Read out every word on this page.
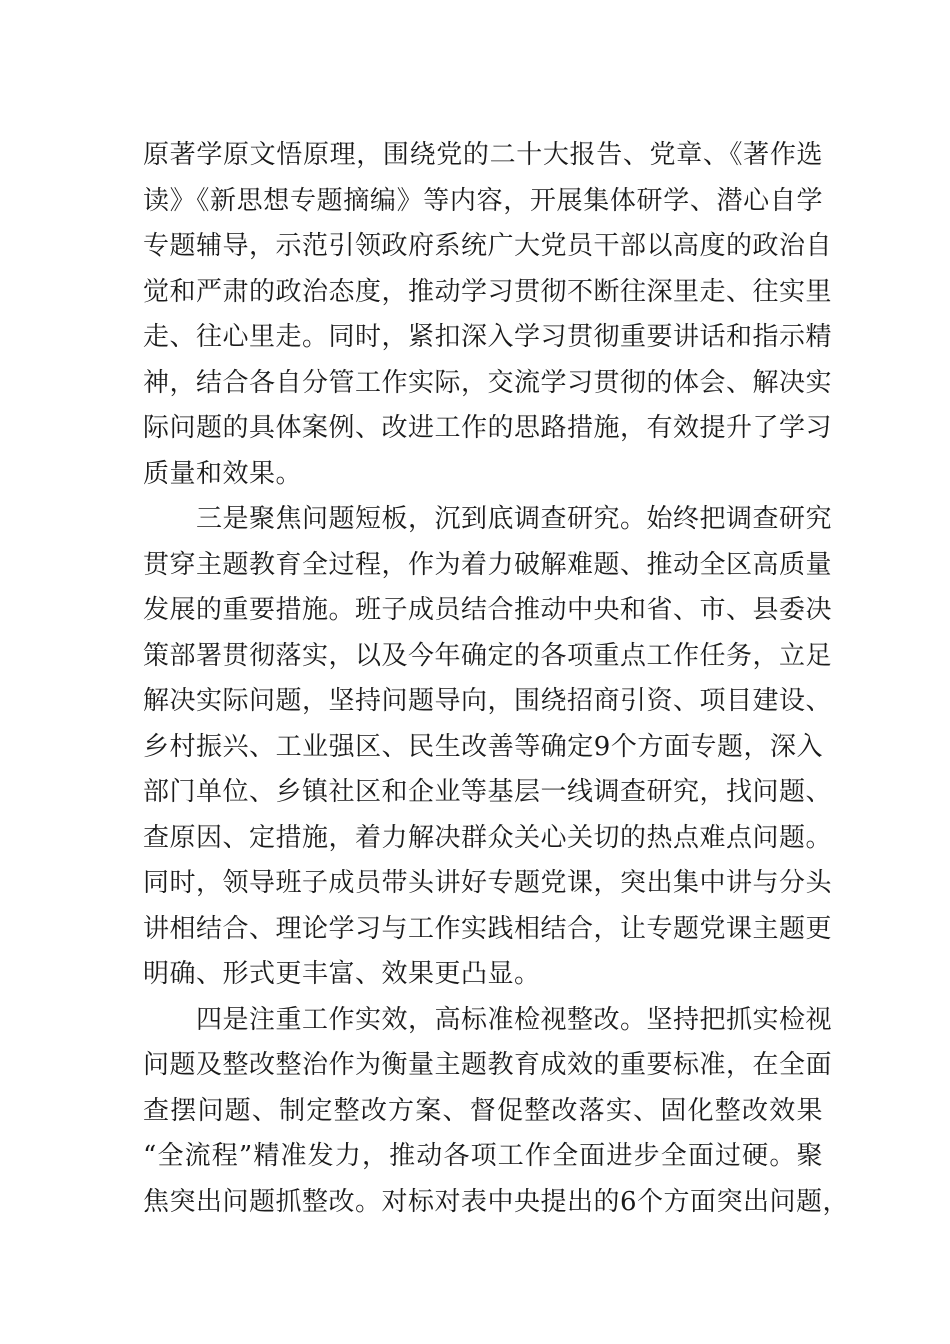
原著学原文悟原理，围绕党的二十大报告、党章、《著作选
读》《新思想专题摘编》等内容，开展集体研学、潜心自学
专题辅导，示范引领政府系统广大党员干部以高度的政治自
觉和严肃的政治态度，推动学习贯彻不断往深里走、往实里
走、往心里走。同时，紧扣深入学习贯彻重要讲话和指示精
神，结合各自分管工作实际，交流学习贯彻的体会、解决实
际问题的具体案例、改进工作的思路措施，有效提升了学习
质量和效果。
　　三是聚焦问题短板，沉到底调查研究。始终把调查研究
贯穿主题教育全过程，作为着力破解难题、推动全区高质量
发展的重要措施。班子成员结合推动中央和省、市、县委决
策部署贯彻落实，以及今年确定的各项重点工作任务，立足
解决实际问题，坚持问题导向，围绕招商引资、项目建设、
乡村振兴、工业强区、民生改善等确定9个方面专题，深入
部门单位、乡镇社区和企业等基层一线调查研究，找问题、
查原因、定措施，着力解决群众关心关切的热点难点问题。
同时，领导班子成员带头讲好专题党课，突出集中讲与分头
讲相结合、理论学习与工作实践相结合，让专题党课主题更
明确、形式更丰富、效果更凸显。
　　四是注重工作实效，高标准检视整改。坚持把抓实检视
问题及整改整治作为衡量主题教育成效的重要标准，在全面
查摆问题、制定整改方案、督促整改落实、固化整改效果
“全流程”精准发力，推动各项工作全面进步全面过硬。聚
焦突出问题抓整改。对标对表中央提出的6个方面突出问题，
